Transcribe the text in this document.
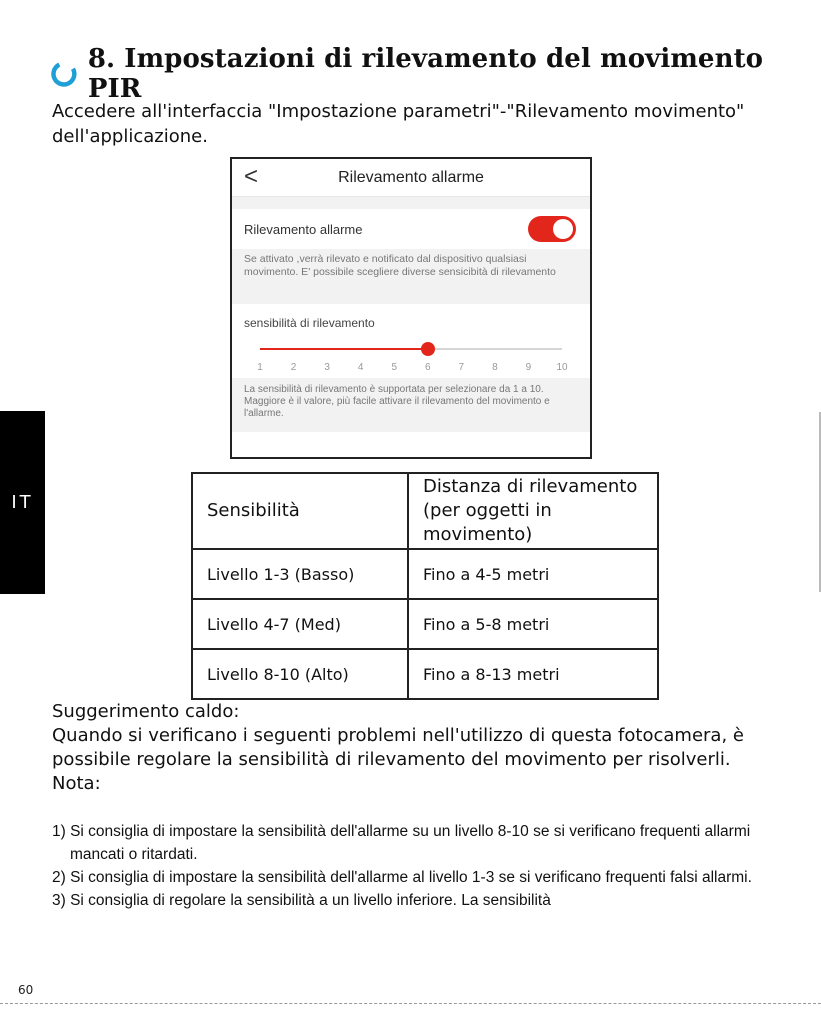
8. Impostazioni di rilevamento del movimento PIR

Accedere all'interfaccia "Impostazione parametri"-"Rilevamento movimento" dell'applicazione.

<	Rilevamento allarme
Rilevamento allarme
Se attivato ,verrà rilevato e notificato dal dispositivo qualsiasi movimento. E' possibile scegliere diverse sensicibità di rilevamento
sensibilità di rilevamento
1	2	3	4	5	6	7	8	9	10
La sensibilità di rilevamento è supportata per selezionare da 1 a 10. Maggiore è il valore, più facile attivare il rilevamento del movimento e l'allarme.
Sensibilità	Distanza di rilevamento (per oggetti in movimento)
Livello 1-3 (Basso)	Fino a 4-5 metri
Livello 4-7 (Med)	Fino a 5-8 metri
Livello 8-10 (Alto)	Fino a 8-13 metri
Suggerimento caldo:
Quando si verificano i seguenti problemi nell'utilizzo di questa fotocamera, è possibile regolare la sensibilità di rilevamento del movimento per risolverli.
Nota:
1) Si consiglia di impostare la sensibilità dell'allarme su un livello 8-10 se si verificano frequenti allarmi mancati o ritardati.
2) Si consiglia di impostare la sensibilità dell'allarme al livello 1-3 se si verificano frequenti falsi allarmi.
3) Si consiglia di regolare la sensibilità a un livello inferiore. La sensibilità
IT
60
